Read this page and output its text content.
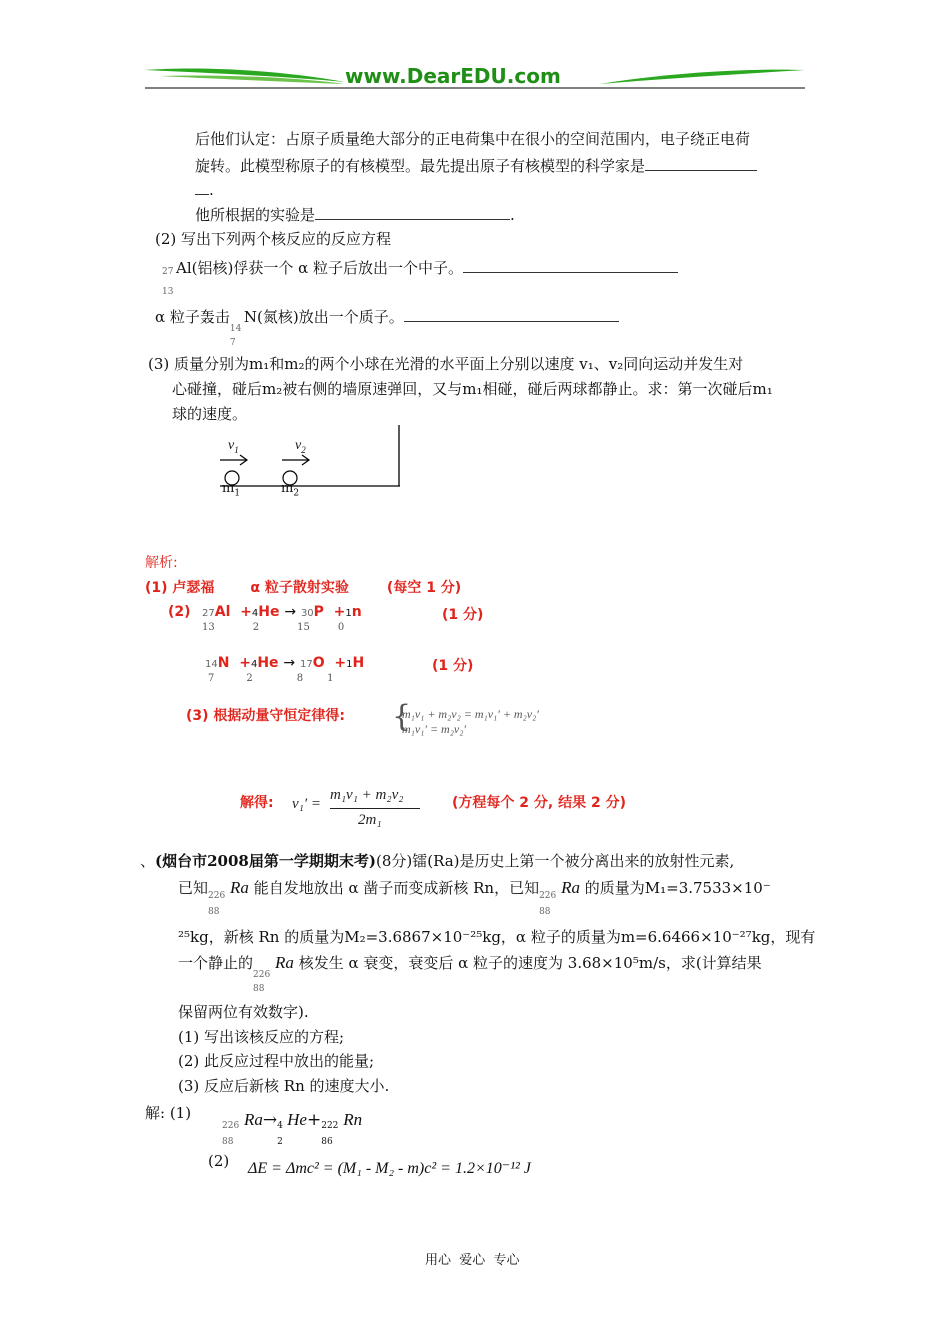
www.DearEDU.com
后他们认定：占原子质量绝大部分的正电荷集中在很小的空间范围内，电子绕正电荷
旋转。此模型称原子的有核模型。最先提出原子有核模型的科学家是
.
他所根据的实验是	.
(2) 写出下列两个核反应的反应方程
27
13
Al(铝核)俘获一个 α 粒子后放出一个中子。
α 粒子轰击
14
7
N(氮核)放出一个质子。
(3) 质量分别为m₁和m₂的两个小球在光滑的水平面上分别以速度 v₁、v₂同向运动并发生对
心碰撞，碰后m₂被右侧的墙原速弹回，又与m₁相碰，碰后两球都静止。求：第一次碰后m₁
球的速度。
$v_1$	$v_2$
$m_1$	$m_2$
解析:
(1) 卢瑟福	α 粒子散射实验	(每空 1 分)
(2) 27Al  +4He → 30P  +1n
13	2	15	0
(1 分)
14N  +4He → 17O  +1H
7	2	8 1
(1 分)
(3) 根据动量守恒定律得: {
m₁v₁ + m₂v₂ = m₁v₁′ + m₂v₂′
m₁v₁′ = m₂v₂′
解得: v₁′ =
m₁v₁ + m₂v₂
2m₁
(方程每个 2 分, 结果 2 分)
、(烟台市2008届第一学期期末考)(8分)镭(Ra)是历史上第一个被分离出来的放射性元素,
已知 226
88
Ra 能自发地放出 α 凿子而变成新核 Rn，已知 226
88
Ra 的质量为M₁=3.7533×10⁻
²⁵kg，新核 Rn 的质量为M₂=3.6867×10⁻²⁵kg，α 粒子的质量为m=6.6466×10⁻²⁷kg，现有
一个静止的
226
88
Ra 核发生 α 衰变，衰变后 α 粒子的速度为 3.68×10⁵m/s，求(计算结果
保留两位有效数字).
(1) 写出该核反应的方程;
(2) 此反应过程中放出的能量;
(3) 反应后新核 Rn 的速度大小.
解: (1)
226
88
Ra→ 4
2
He+ 222
86
Rn
(2) ΔE = Δmc² = (M₁ - M₂ - m)c² = 1.2×10⁻¹² J
用心  爱心  专心
